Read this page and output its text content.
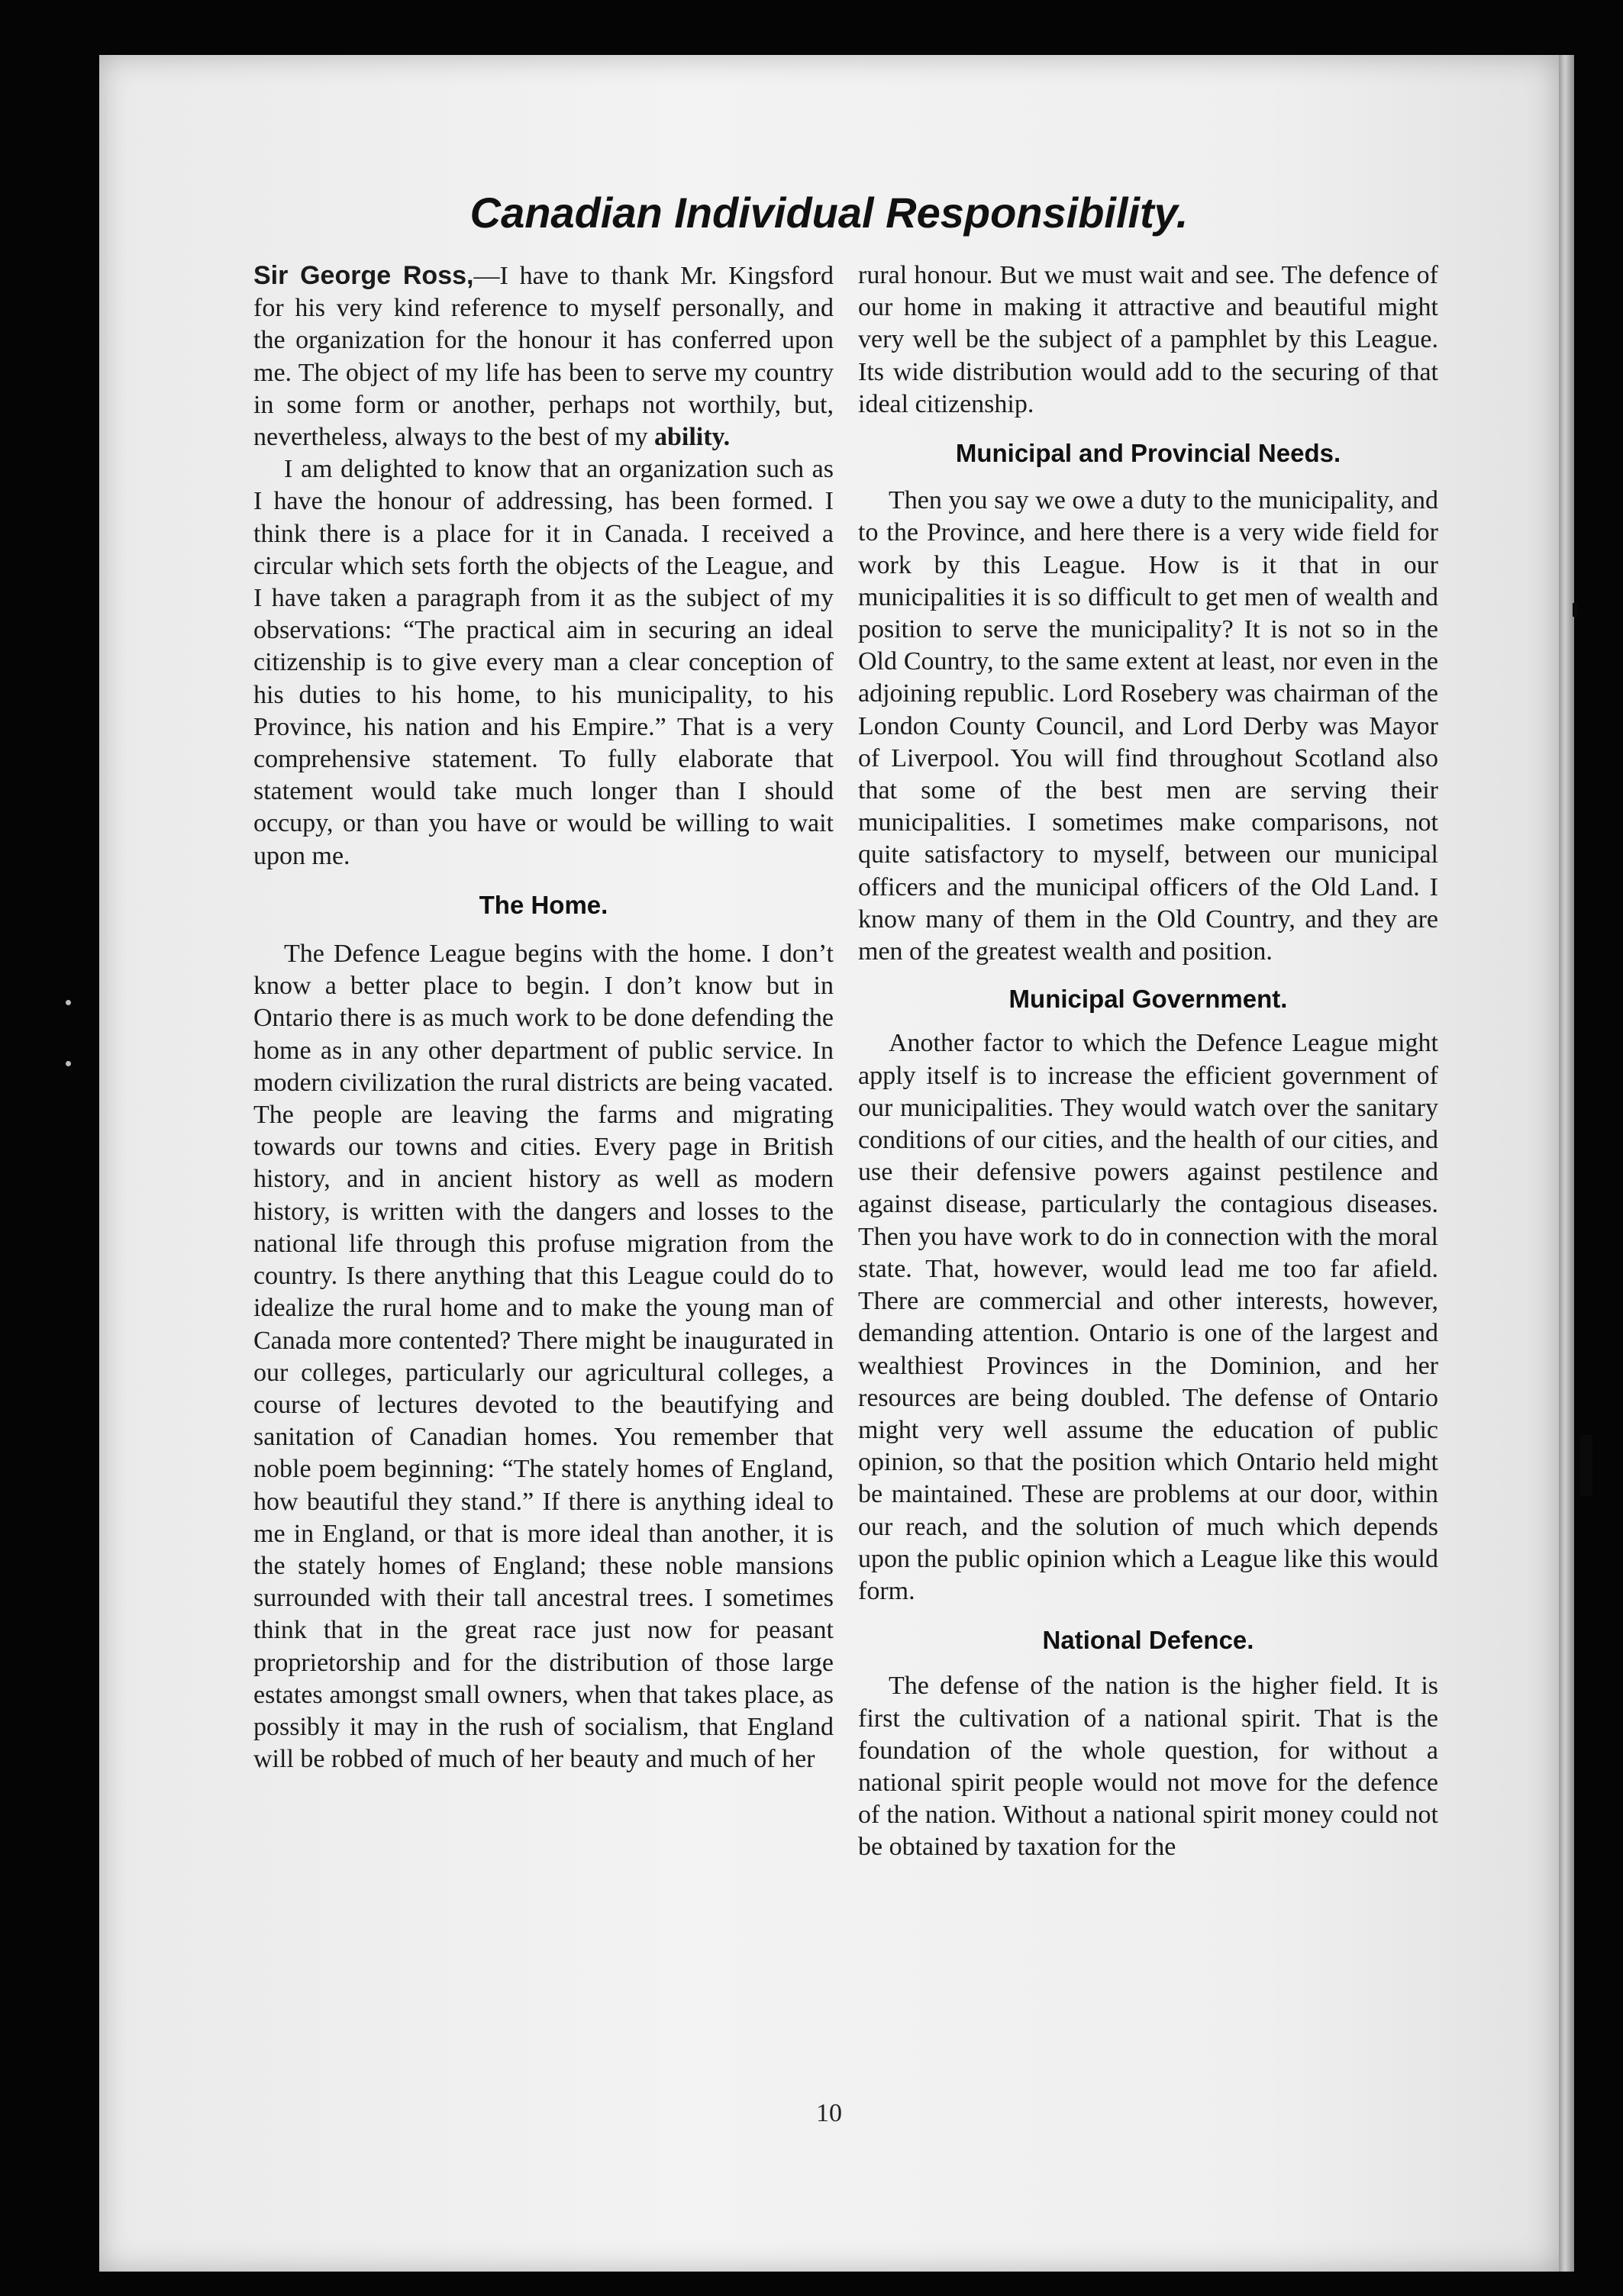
Canadian Individual Responsibility.

Sir George Ross,—I have to thank Mr. Kingsford for his very kind reference to myself personally, and the organization for the honour it has conferred upon me. The object of my life has been to serve my country in some form or another, perhaps not worthily, but, nevertheless, always to the best of my ability.

I am delighted to know that an organization such as I have the honour of addressing, has been formed. I think there is a place for it in Canada. I received a circular which sets forth the objects of the League, and I have taken a paragraph from it as the subject of my observations: “The practical aim in securing an ideal citizenship is to give every man a clear conception of his duties to his home, to his municipality, to his Province, his nation and his Empire.” That is a very comprehensive statement. To fully elaborate that statement would take much longer than I should occupy, or than you have or would be willing to wait upon me.

The Home.

The Defence League begins with the home. I don’t know a better place to begin. I don’t know but in Ontario there is as much work to be done defending the home as in any other department of public service. In modern civilization the rural districts are being vacated. The people are leaving the farms and migrating towards our towns and cities. Every page in British history, and in ancient history as well as modern history, is written with the dangers and losses to the national life through this profuse migration from the country. Is there anything that this League could do to idealize the rural home and to make the young man of Canada more contented? There might be inaugurated in our colleges, particularly our agricultural colleges, a course of lectures devoted to the beautifying and sanitation of Canadian homes. You remember that noble poem beginning: “The stately homes of England, how beautiful they stand.” If there is anything ideal to me in England, or that is more ideal than another, it is the stately homes of England; these noble mansions surrounded with their tall ancestral trees. I sometimes think that in the great race just now for peasant proprietorship and for the distribution of those large estates amongst small owners, when that takes place, as possibly it may in the rush of socialism, that England will be robbed of much of her beauty and much of her

rural honour. But we must wait and see. The defence of our home in making it attractive and beautiful might very well be the subject of a pamphlet by this League. Its wide distribution would add to the securing of that ideal citizenship.

Municipal and Provincial Needs.

Then you say we owe a duty to the municipality, and to the Province, and here there is a very wide field for work by this League. How is it that in our municipalities it is so difficult to get men of wealth and position to serve the municipality? It is not so in the Old Country, to the same extent at least, nor even in the adjoining republic. Lord Rosebery was chairman of the London County Council, and Lord Derby was Mayor of Liverpool. You will find throughout Scotland also that some of the best men are serving their municipalities. I sometimes make comparisons, not quite satisfactory to myself, between our municipal officers and the municipal officers of the Old Land. I know many of them in the Old Country, and they are men of the greatest wealth and position.

Municipal Government.

Another factor to which the Defence League might apply itself is to increase the efficient government of our municipalities. They would watch over the sanitary conditions of our cities, and the health of our cities, and use their defensive powers against pestilence and against disease, particularly the contagious diseases. Then you have work to do in connection with the moral state. That, however, would lead me too far afield. There are commercial and other interests, however, demanding attention. Ontario is one of the largest and wealthiest Provinces in the Dominion, and her resources are being doubled. The defense of Ontario might very well assume the education of public opinion, so that the position which Ontario held might be maintained. These are problems at our door, within our reach, and the solution of much which depends upon the public opinion which a League like this would form.

National Defence.

The defense of the nation is the higher field. It is first the cultivation of a national spirit. That is the foundation of the whole question, for without a national spirit people would not move for the defence of the nation. Without a national spirit money could not be obtained by taxation for the

10
